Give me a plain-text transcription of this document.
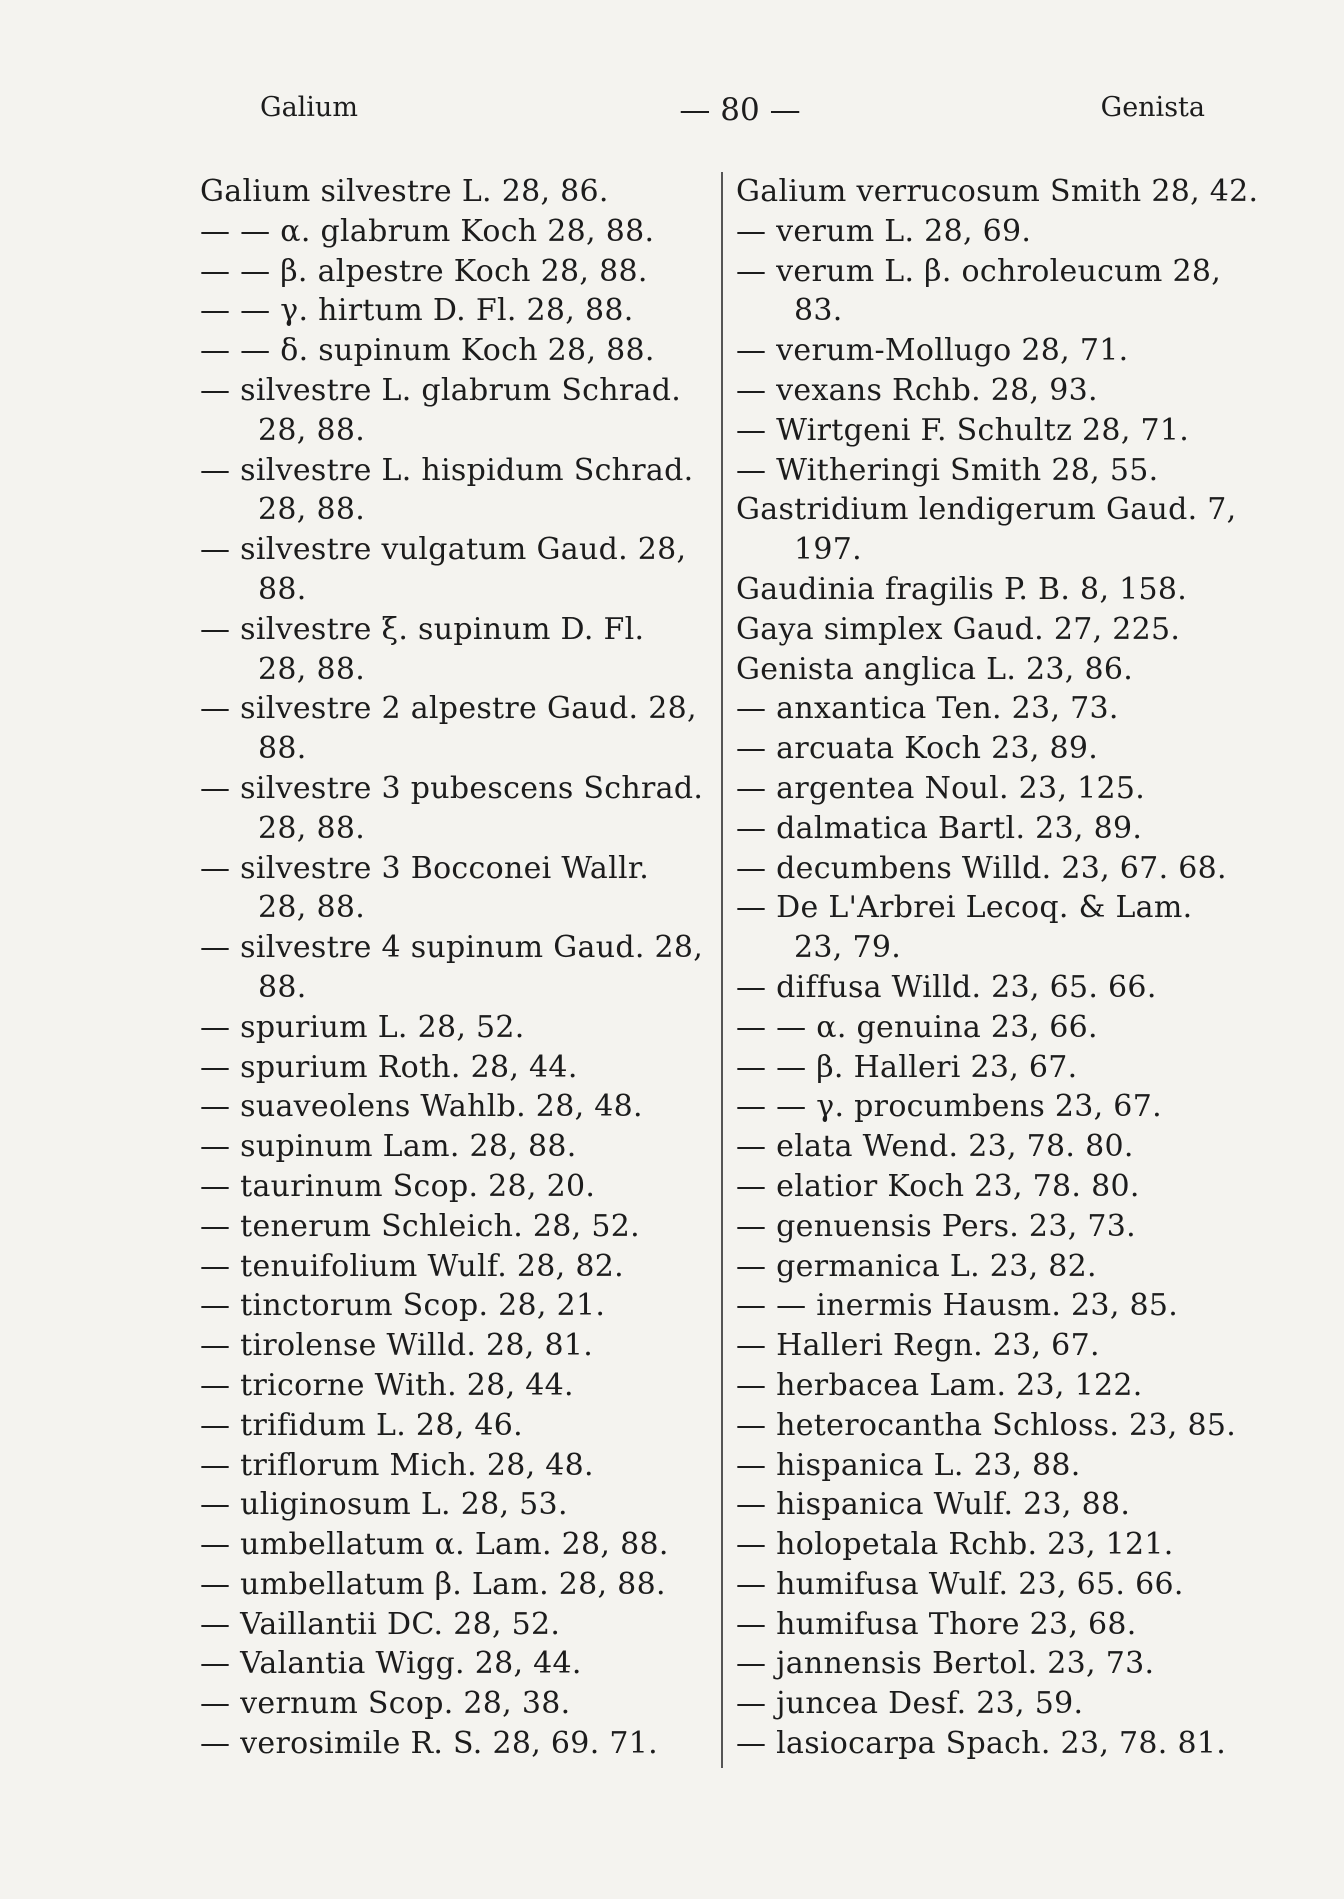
Galium	— 80 —	Genista
Galium silvestre L. 28, 86.
— — α. glabrum Koch 28, 88.
— — β. alpestre Koch 28, 88.
— — γ. hirtum D. Fl. 28, 88.
— — δ. supinum Koch 28, 88.
— silvestre L. glabrum Schrad.
28, 88.
— silvestre L. hispidum Schrad.
28, 88.
— silvestre vulgatum Gaud. 28,
88.
— silvestre ξ. supinum D. Fl.
28, 88.
— silvestre 2 alpestre Gaud. 28,
88.
— silvestre 3 pubescens Schrad.
28, 88.
— silvestre 3 Bocconei Wallr.
28, 88.
— silvestre 4 supinum Gaud. 28,
88.
— spurium L. 28, 52.
— spurium Roth. 28, 44.
— suaveolens Wahlb. 28, 48.
— supinum Lam. 28, 88.
— taurinum Scop. 28, 20.
— tenerum Schleich. 28, 52.
— tenuifolium Wulf. 28, 82.
— tinctorum Scop. 28, 21.
— tirolense Willd. 28, 81.
— tricorne With. 28, 44.
— trifidum L. 28, 46.
— triflorum Mich. 28, 48.
— uliginosum L. 28, 53.
— umbellatum α. Lam. 28, 88.
— umbellatum β. Lam. 28, 88.
— Vaillantii DC. 28, 52.
— Valantia Wigg. 28, 44.
— vernum Scop. 28, 38.
— verosimile R. S. 28, 69. 71.
Galium verrucosum Smith 28, 42.
— verum L. 28, 69.
— verum L. β. ochroleucum 28,
83.
— verum-Mollugo 28, 71.
— vexans Rchb. 28, 93.
— Wirtgeni F. Schultz 28, 71.
— Witheringi Smith 28, 55.
Gastridium lendigerum Gaud. 7,
197.
Gaudinia fragilis P. B. 8, 158.
Gaya simplex Gaud. 27, 225.
Genista anglica L. 23, 86.
— anxantica Ten. 23, 73.
— arcuata Koch 23, 89.
— argentea Noul. 23, 125.
— dalmatica Bartl. 23, 89.
— decumbens Willd. 23, 67. 68.
— De L'Arbrei Lecoq. & Lam.
23, 79.
— diffusa Willd. 23, 65. 66.
— — α. genuina 23, 66.
— — β. Halleri 23, 67.
— — γ. procumbens 23, 67.
— elata Wend. 23, 78. 80.
— elatior Koch 23, 78. 80.
— genuensis Pers. 23, 73.
— germanica L. 23, 82.
— — inermis Hausm. 23, 85.
— Halleri Regn. 23, 67.
— herbacea Lam. 23, 122.
— heterocantha Schloss. 23, 85.
— hispanica L. 23, 88.
— hispanica Wulf. 23, 88.
— holopetala Rchb. 23, 121.
— humifusa Wulf. 23, 65. 66.
— humifusa Thore 23, 68.
— jannensis Bertol. 23, 73.
— juncea Desf. 23, 59.
— lasiocarpa Spach. 23, 78. 81.
